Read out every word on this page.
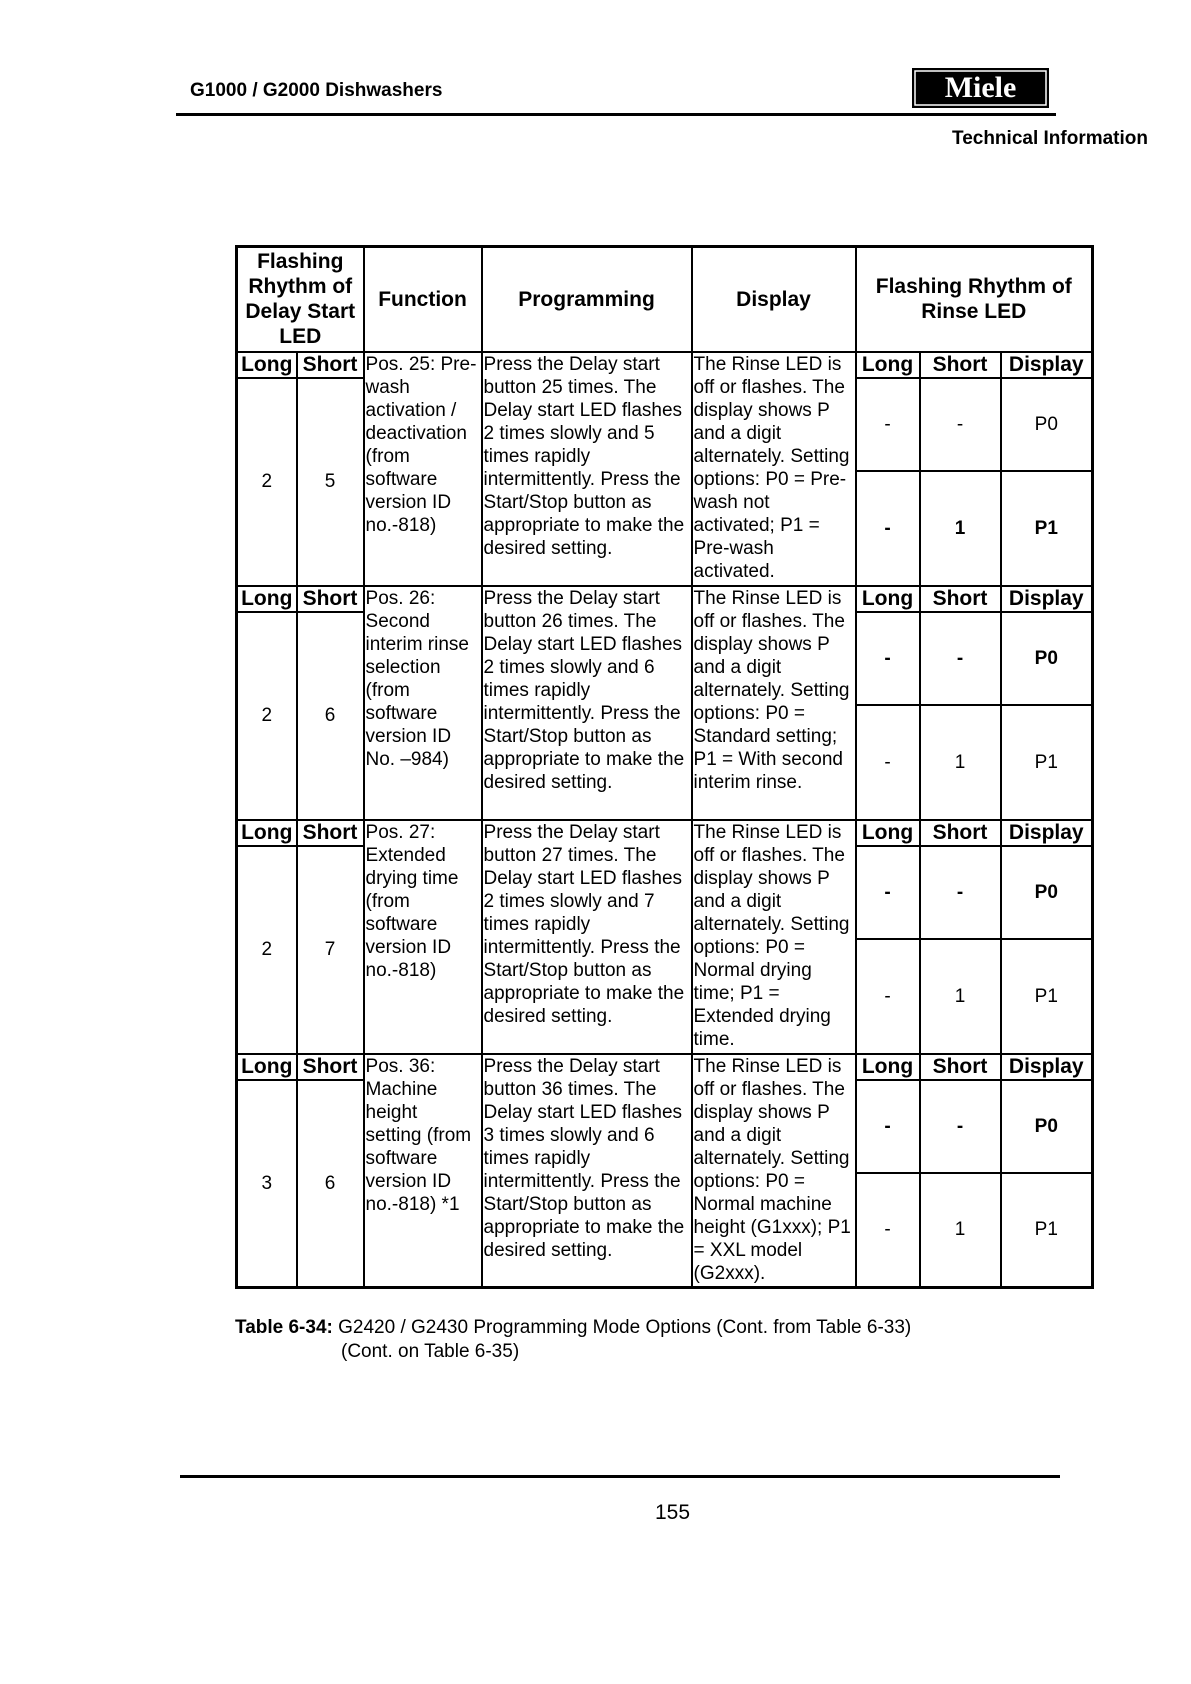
G1000 / G2000 Dishwashers	Miele
Technical Information
Flashing Rhythm of Delay Start LED		Function	Programming	Display	Flashing Rhythm of Rinse LED		
Long	Short	Pos. 25: Pre-wash activation / deactivation (from software version ID no.-818)	Press the Delay start button 25 times. The Delay start LED flashes 2 times slowly and 5 times rapidly intermittently. Press the Start/Stop button as appropriate to make the desired setting.	The Rinse LED is off or flashes. The display shows P and a digit alternately. Setting options: P0 = Pre-wash not activated; P1 = Pre-wash activated.	Long	Short	Display
2	5				-	-	P0
					-	1	P1
Long	Short	Pos. 26: Second interim rinse selection (from software version ID No. –984)	Press the Delay start button 26 times. The Delay start LED flashes 2 times slowly and 6 times rapidly intermittently. Press the Start/Stop button as appropriate to make the desired setting.	The Rinse LED is off or flashes. The display shows P and a digit alternately. Setting options: P0 = Standard setting; P1 = With second interim rinse.	Long	Short	Display
2	6				-	-	P0
					-	1	P1
Long	Short	Pos. 27: Extended drying time (from software version ID no.-818)	Press the Delay start button 27 times. The Delay start LED flashes 2 times slowly and 7 times rapidly intermittently. Press the Start/Stop button as appropriate to make the desired setting.	The Rinse LED is off or flashes. The display shows P and a digit alternately. Setting options: P0 = Normal drying time; P1 = Extended drying time.	Long	Short	Display
2	7				-	-	P0
					-	1	P1
Long	Short	Pos. 36: Machine height setting (from software version ID no.-818) *1	Press the Delay start button 36 times. The Delay start LED flashes 3 times slowly and 6 times rapidly intermittently. Press the Start/Stop button as appropriate to make the desired setting.	The Rinse LED is off or flashes. The display shows P and a digit alternately. Setting options: P0 = Normal machine height (G1xxx); P1 = XXL model (G2xxx).	Long	Short	Display
3	6				-	-	P0
					-	1	P1
Table 6-34: G2420 / G2430 Programming Mode Options (Cont. from Table 6-33)
(Cont. on Table 6-35)
155
